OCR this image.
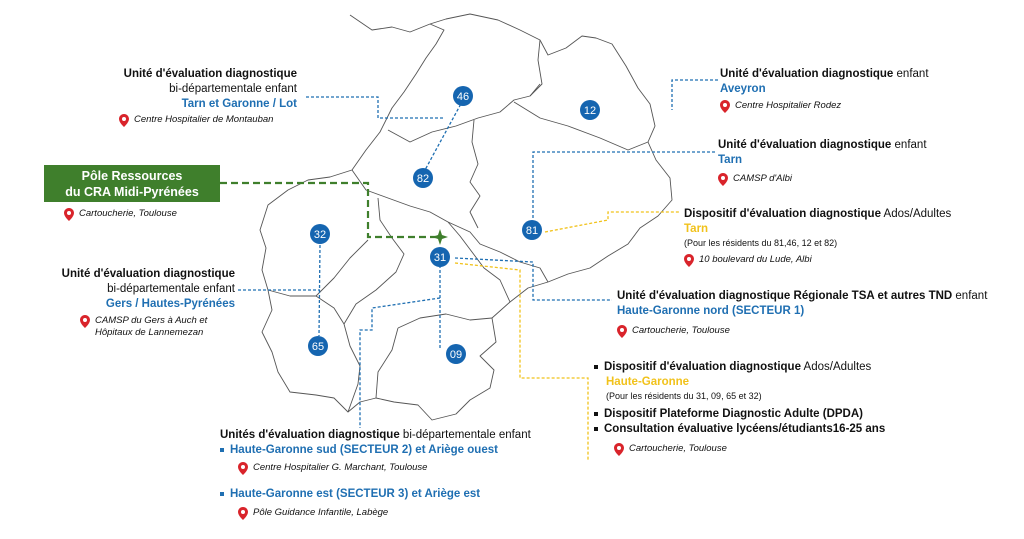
46
12
82
81
32
31
65
09
Pôle Ressources
du CRA Midi-Pyrénées
Cartoucherie, Toulouse
Unité d'évaluation diagnostique
bi-départementale enfant
Tarn et Garonne / Lot
Centre Hospitalier de Montauban
Unité d'évaluation diagnostique enfant
Aveyron
Centre Hospitalier Rodez
Unité d'évaluation diagnostique enfant
Tarn
CAMSP d'Albi
Dispositif d'évaluation diagnostique Ados/Adultes
Tarn
(Pour les résidents du 81,46, 12 et 82)
10 boulevard du Lude, Albi
Unité d'évaluation diagnostique
bi-départementale enfant
Gers / Hautes-Pyrénées
CAMSP du Gers à Auch et
Hôpitaux de Lannemezan
Unité d'évaluation diagnostique Régionale TSA et autres TND enfant
Haute-Garonne nord (SECTEUR 1)
Cartoucherie, Toulouse
Dispositif d'évaluation diagnostique Ados/Adultes
Haute-Garonne
(Pour les résidents du 31, 09, 65 et 32)
Dispositif Plateforme Diagnostic Adulte (DPDA)
Consultation évaluative lycéens/étudiants16-25 ans
Cartoucherie, Toulouse
Unités d'évaluation diagnostique bi-départementale enfant
Haute-Garonne sud (SECTEUR 2) et Ariège ouest
Centre Hospitalier G. Marchant, Toulouse
Haute-Garonne est (SECTEUR 3) et Ariège est
Pôle Guidance Infantile, Labège
